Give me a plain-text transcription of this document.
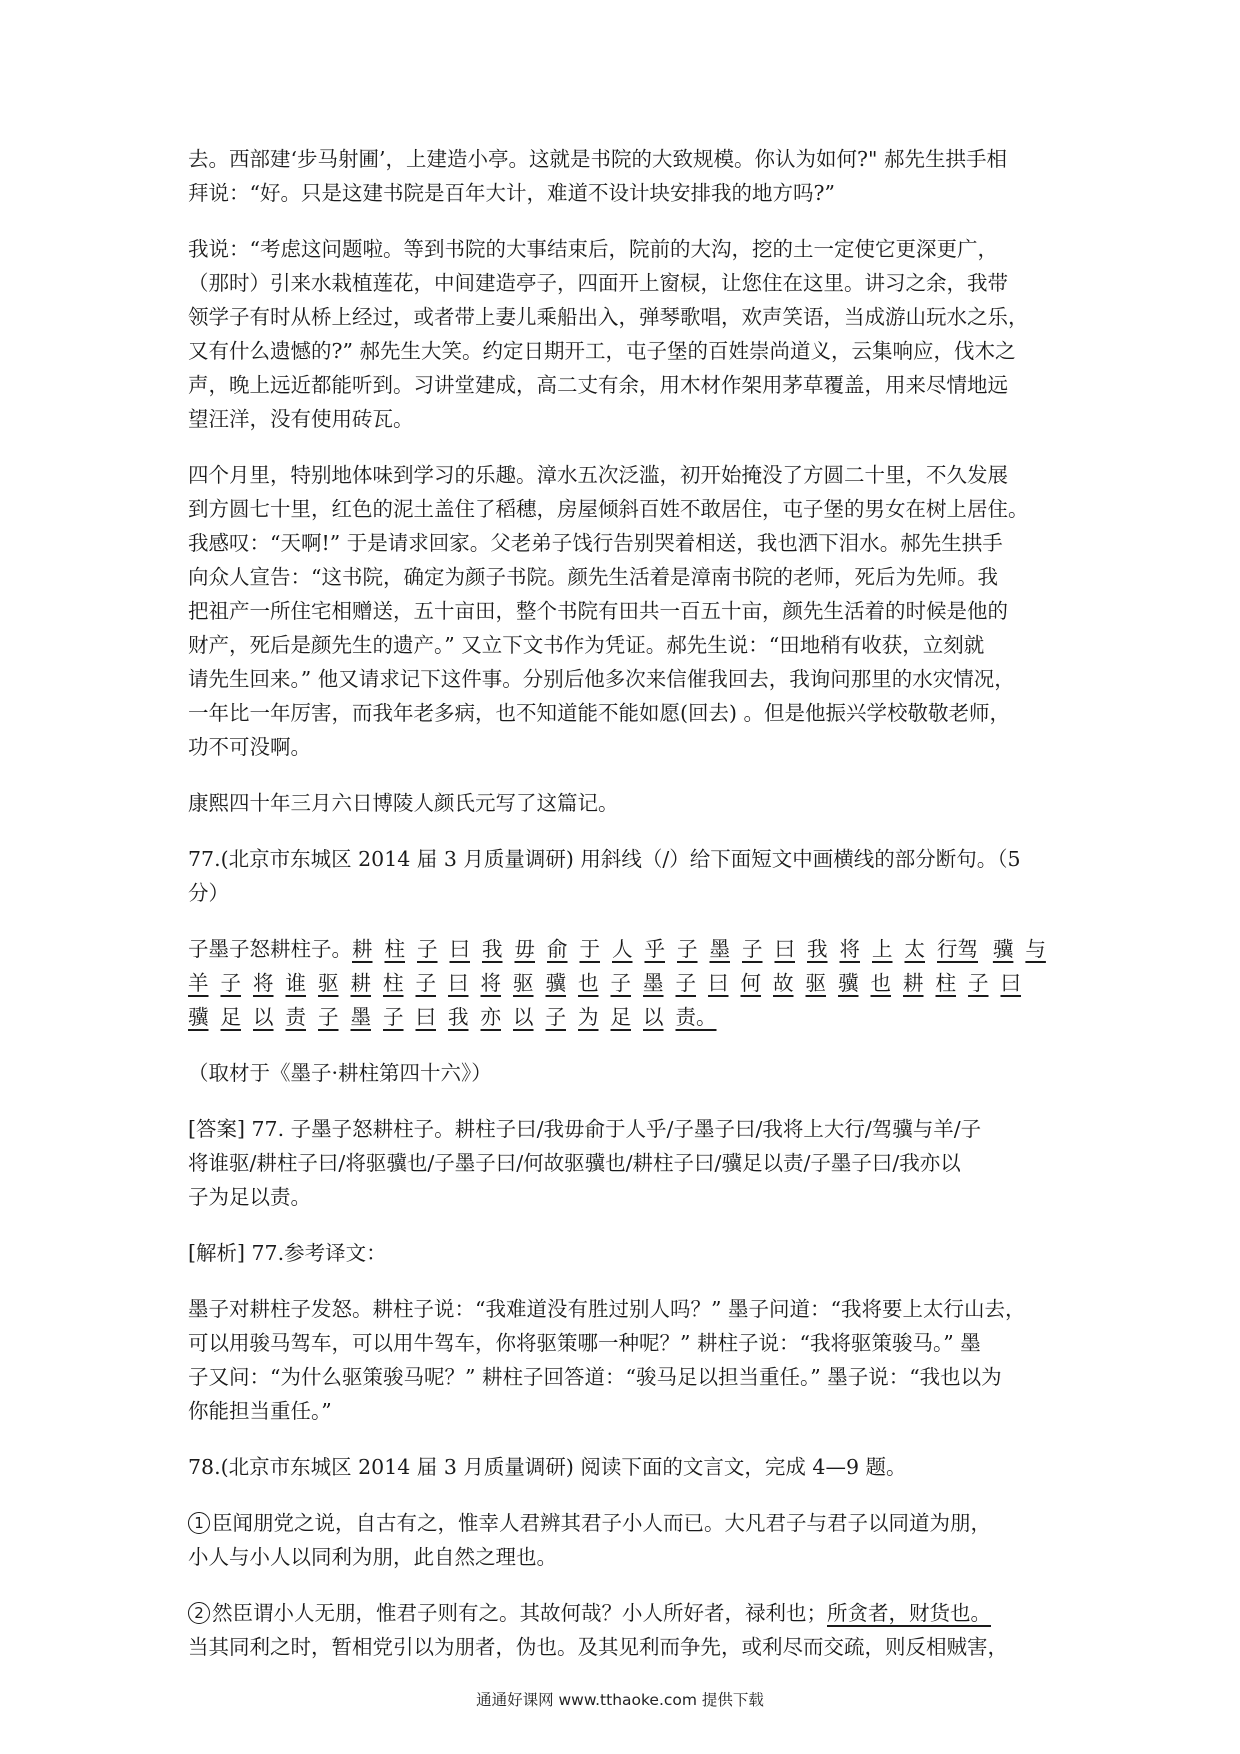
去。西部建‘步马射圃’，上建造小亭。这就是书院的大致规模。你认为如何?" 郝先生拱手相
拜说：“好。只是这建书院是百年大计，难道不设计块安排我的地方吗?”
我说：“考虑这问题啦。等到书院的大事结束后，院前的大沟，挖的土一定使它更深更广，
（那时）引来水栽植莲花，中间建造亭子，四面开上窗棂，让您住在这里。讲习之余，我带
领学子有时从桥上经过，或者带上妻儿乘船出入，弹琴歌唱，欢声笑语，当成游山玩水之乐，
又有什么遗憾的?” 郝先生大笑。约定日期开工，屯子堡的百姓崇尚道义，云集响应，伐木之
声，晚上远近都能听到。习讲堂建成，高二丈有余，用木材作架用茅草覆盖，用来尽情地远
望汪洋，没有使用砖瓦。
四个月里，特别地体味到学习的乐趣。漳水五次泛滥，初开始掩没了方圆二十里，不久发展
到方圆七十里，红色的泥土盖住了稻穗，房屋倾斜百姓不敢居住，屯子堡的男女在树上居住。
我感叹：“天啊!” 于是请求回家。父老弟子饯行告别哭着相送，我也洒下泪水。郝先生拱手
向众人宣告：“这书院，确定为颜子书院。颜先生活着是漳南书院的老师，死后为先师。我
把祖产一所住宅相赠送，五十亩田，整个书院有田共一百五十亩，颜先生活着的时候是他的
财产，死后是颜先生的遗产。” 又立下文书作为凭证。郝先生说：“田地稍有收获，立刻就
请先生回来。” 他又请求记下这件事。分别后他多次来信催我回去，我询问那里的水灾情况，
一年比一年厉害，而我年老多病，也不知道能不能如愿(回去) 。但是他振兴学校敬敬老师，
功不可没啊。
康熙四十年三月六日博陵人颜氏元写了这篇记。
77.(北京市东城区 2014 届 3 月质量调研) 用斜线（/）给下面短文中画横线的部分断句。（5
分）
子墨子怒耕柱子。耕 柱 子 曰 我 毋 俞 于 人 乎 子 墨 子 曰 我 将 上 太 行驾 骥 与
羊 子 将 谁 驱 耕 柱 子 曰 将 驱 骥 也 子 墨 子 曰 何 故 驱 骥 也 耕 柱 子 曰
骥 足 以 责 子 墨 子 曰 我 亦 以 子 为 足 以 责。
（取材于《墨子·耕柱第四十六》）
[答案] 77. 子墨子怒耕柱子。耕柱子曰/我毋俞于人乎/子墨子曰/我将上大行/驾骥与羊/子
将谁驱/耕柱子曰/将驱骥也/子墨子曰/何故驱骥也/耕柱子曰/骥足以责/子墨子曰/我亦以
子为足以责。
[解析] 77.参考译文：
墨子对耕柱子发怒。耕柱子说：“我难道没有胜过别人吗？” 墨子问道：“我将要上太行山去，
可以用骏马驾车，可以用牛驾车，你将驱策哪一种呢？” 耕柱子说：“我将驱策骏马。” 墨
子又问：“为什么驱策骏马呢？” 耕柱子回答道：“骏马足以担当重任。” 墨子说：“我也以为
你能担当重任。”
78.(北京市东城区 2014 届 3 月质量调研) 阅读下面的文言文，完成 4—9 题。
1 臣闻朋党之说，自古有之，惟幸人君辨其君子小人而已。大凡君子与君子以同道为朋，
小人与小人以同利为朋，此自然之理也。
2 然臣谓小人无朋，惟君子则有之。其故何哉？小人所好者，禄利也；所贪者，财货也。
当其同利之时，暂相党引以为朋者，伪也。及其见利而争先，或利尽而交疏，则反相贼害，
通通好课网 www.tthaoke.com 提供下载
